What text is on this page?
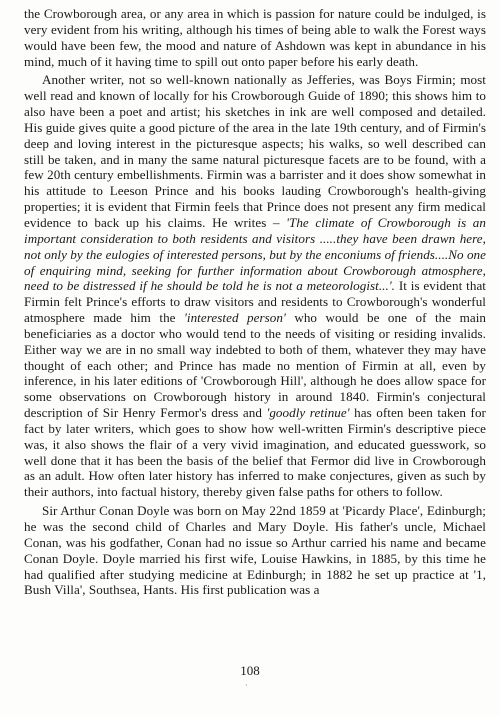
the Crowborough area, or any area in which is passion for nature could be indulged, is very evident from his writing, although his times of being able to walk the Forest ways would have been few, the mood and nature of Ashdown was kept in abundance in his mind, much of it having time to spill out onto paper before his early death.

Another writer, not so well-known nationally as Jefferies, was Boys Firmin; most well read and known of locally for his Crowborough Guide of 1890; this shows him to also have been a poet and artist; his sketches in ink are well composed and detailed. His guide gives quite a good picture of the area in the late 19th century, and of Firmin's deep and loving interest in the picturesque aspects; his walks, so well described can still be taken, and in many the same natural picturesque facets are to be found, with a few 20th century embellishments. Firmin was a barrister and it does show somewhat in his attitude to Leeson Prince and his books lauding Crowborough's health-giving properties; it is evident that Firmin feels that Prince does not present any firm medical evidence to back up his claims. He writes – 'The climate of Crowborough is an important consideration to both residents and visitors .....they have been drawn here, not only by the eulogies of interested persons, but by the enconiums of friends....No one of enquiring mind, seeking for further information about Crowborough atmosphere, need to be distressed if he should be told he is not a meteorologist...'. It is evident that Firmin felt Prince's efforts to draw visitors and residents to Crowborough's wonderful atmosphere made him the 'interested person' who would be one of the main beneficiaries as a doctor who would tend to the needs of visiting or residing invalids. Either way we are in no small way indebted to both of them, whatever they may have thought of each other; and Prince has made no mention of Firmin at all, even by inference, in his later editions of 'Crowborough Hill', although he does allow space for some observations on Crowborough history in around 1840. Firmin's conjectural description of Sir Henry Fermor's dress and 'goodly retinue' has often been taken for fact by later writers, which goes to show how well-written Firmin's descriptive piece was, it also shows the flair of a very vivid imagination, and educated guesswork, so well done that it has been the basis of the belief that Fermor did live in Crowborough as an adult. How often later history has inferred to make conjectures, given as such by their authors, into factual history, thereby given false paths for others to follow.

Sir Arthur Conan Doyle was born on May 22nd 1859 at 'Picardy Place', Edinburgh; he was the second child of Charles and Mary Doyle. His father's uncle, Michael Conan, was his godfather, Conan had no issue so Arthur carried his name and became Conan Doyle. Doyle married his first wife, Louise Hawkins, in 1885, by this time he had qualified after studying medicine at Edinburgh; in 1882 he set up practice at '1, Bush Villa', Southsea, Hants. His first publication was a

108
·
